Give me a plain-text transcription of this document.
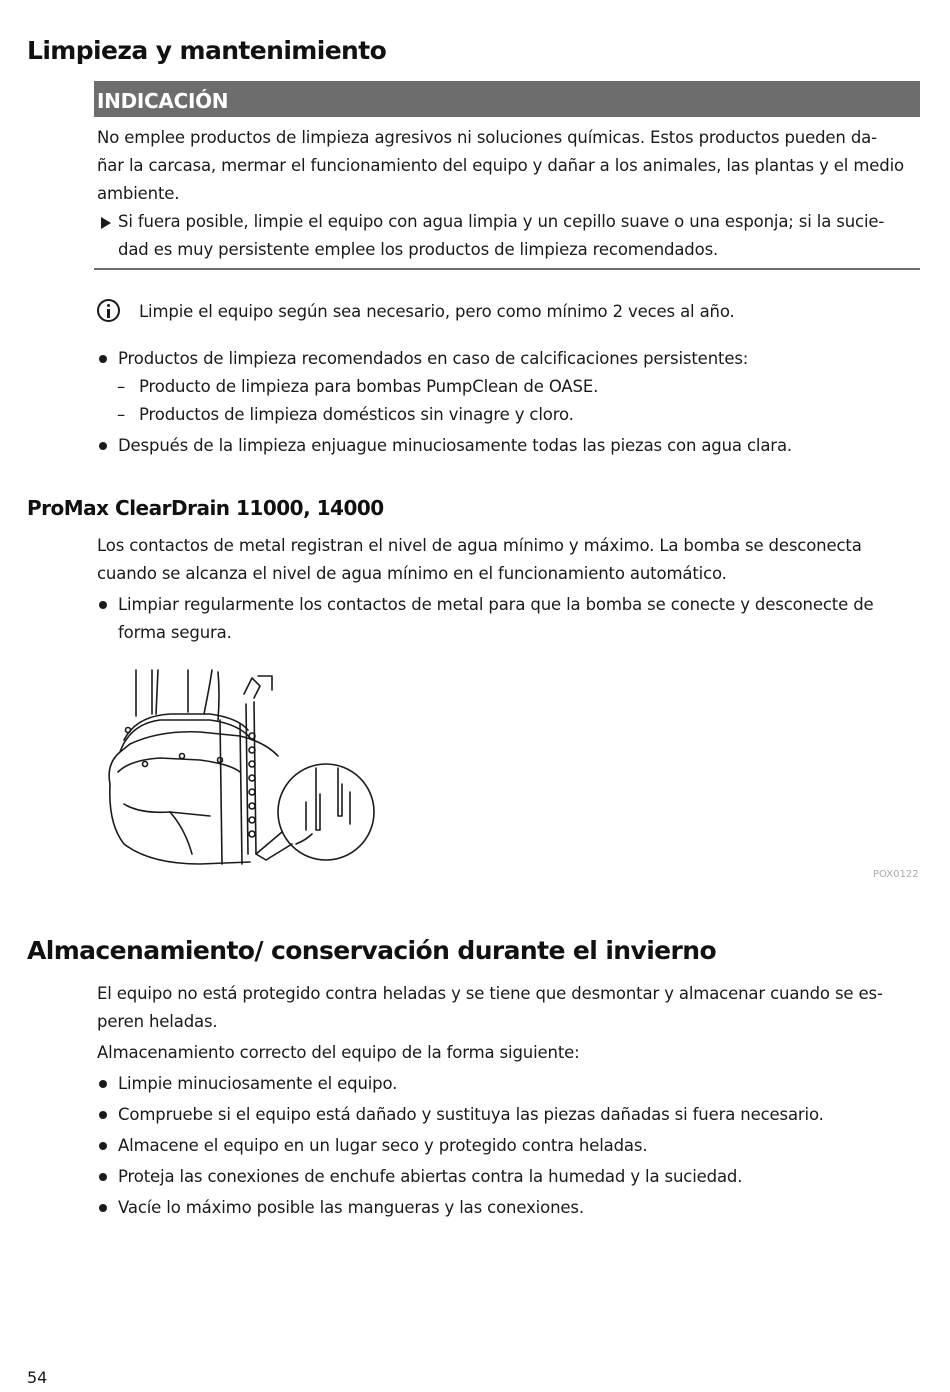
Limpieza y mantenimiento
INDICACIÓN
No emplee productos de limpieza agresivos ni soluciones químicas. Estos productos pueden da-
ñar la carcasa, mermar el funcionamiento del equipo y dañar a los animales, las plantas y el medio
ambiente.
Si fuera posible, limpie el equipo con agua limpia y un cepillo suave o una esponja; si la sucie-
dad es muy persistente emplee los productos de limpieza recomendados.
Limpie el equipo según sea necesario, pero como mínimo 2 veces al año.
Productos de limpieza recomendados en caso de calcificaciones persistentes:
– Producto de limpieza para bombas PumpClean de OASE.
– Productos de limpieza domésticos sin vinagre y cloro.
Después de la limpieza enjuague minuciosamente todas las piezas con agua clara.
ProMax ClearDrain 11000, 14000
Los contactos de metal registran el nivel de agua mínimo y máximo. La bomba se desconecta
cuando se alcanza el nivel de agua mínimo en el funcionamiento automático.
Limpiar regularmente los contactos de metal para que la bomba se conecte y desconecte de
forma segura.
POX0122
Almacenamiento/ conservación durante el invierno
El equipo no está protegido contra heladas y se tiene que desmontar y almacenar cuando se es-
peren heladas.
Almacenamiento correcto del equipo de la forma siguiente:
Limpie minuciosamente el equipo.
Compruebe si el equipo está dañado y sustituya las piezas dañadas si fuera necesario.
Almacene el equipo en un lugar seco y protegido contra heladas.
Proteja las conexiones de enchufe abiertas contra la humedad y la suciedad.
Vacíe lo máximo posible las mangueras y las conexiones.
54
